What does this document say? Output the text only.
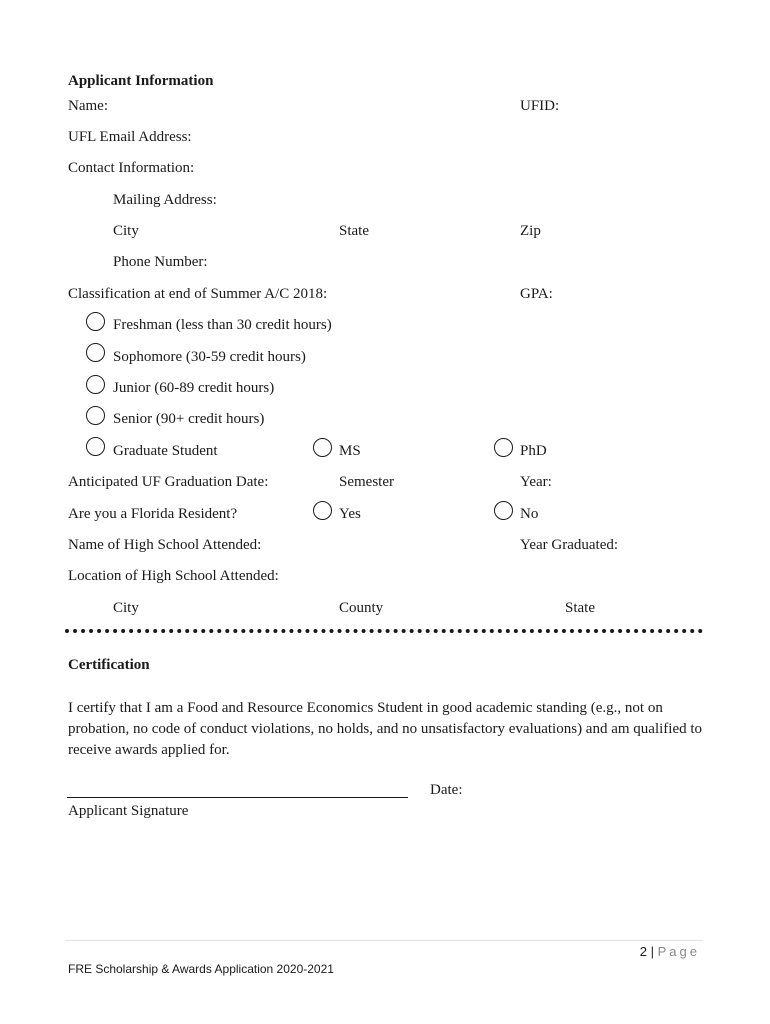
Applicant Information
Name:	UFID:
UFL Email Address:
Contact Information:
Mailing Address:
City	State	Zip
Phone Number:
Classification at end of Summer A/C 2018:	GPA:
Freshman (less than 30 credit hours)
Sophomore (30-59 credit hours)
Junior (60-89 credit hours)
Senior (90+ credit hours)
Graduate Student	MS	PhD
Anticipated UF Graduation Date:	Semester	Year:
Are you a Florida Resident?	Yes	No
Name of High School Attended:	Year Graduated:
Location of High School Attended:
City	County	State
Certification
I certify that I am a Food and Resource Economics Student in good academic standing (e.g., not on probation, no code of conduct violations, no holds, and no unsatisfactory evaluations) and am qualified to receive awards applied for.
Date:
Applicant Signature
2 | Page
FRE Scholarship & Awards Application 2020-2021
